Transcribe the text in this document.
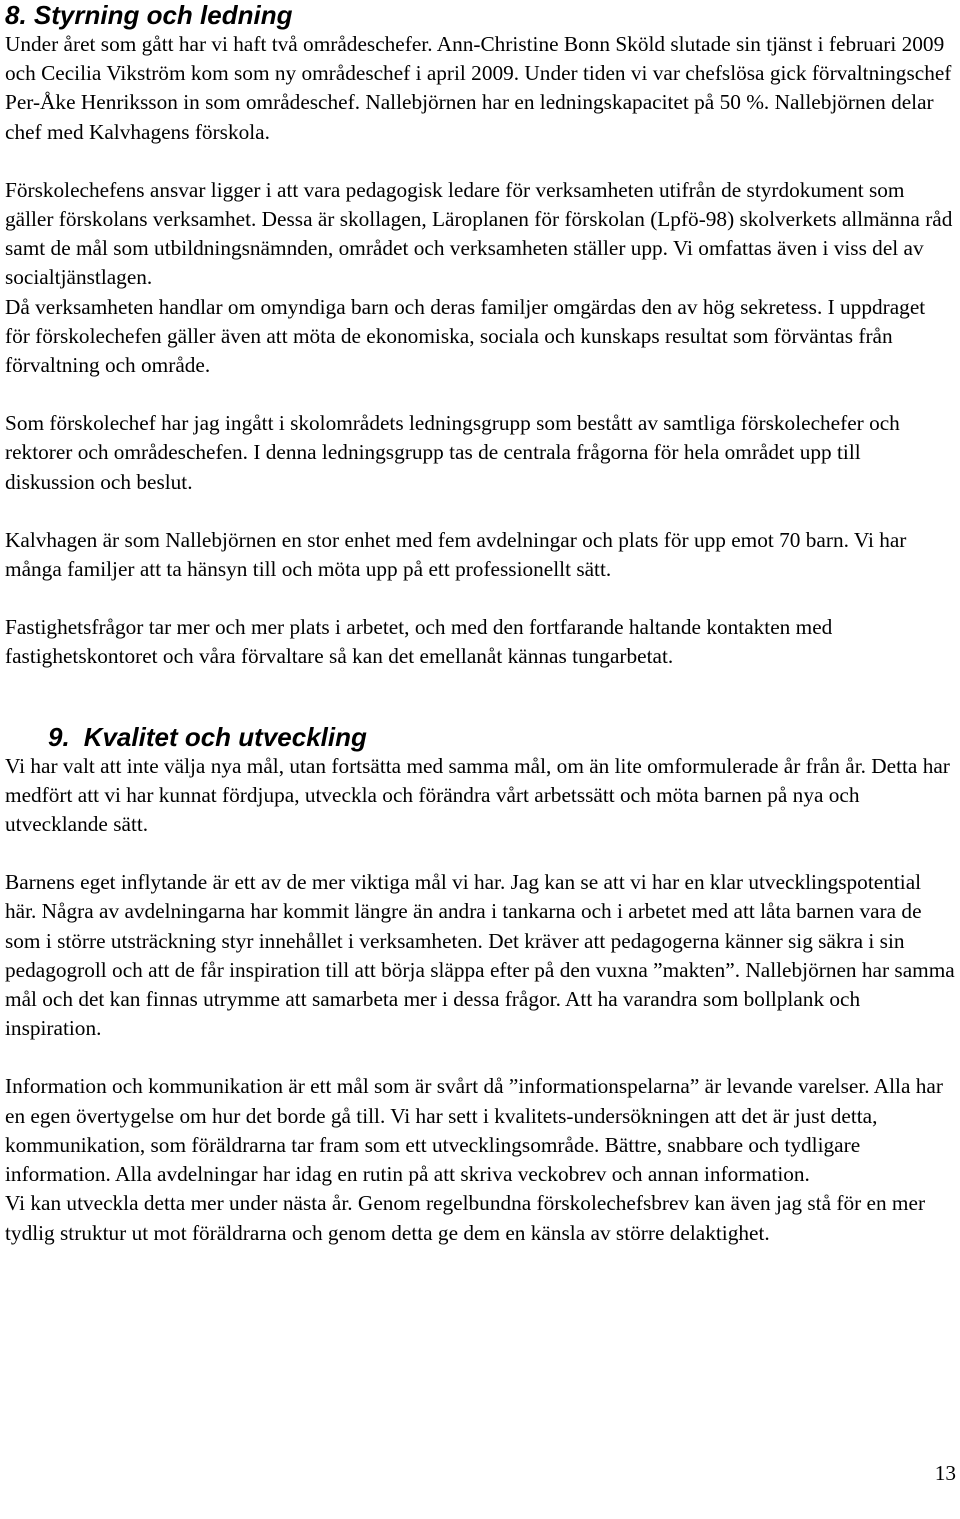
8. Styrning och ledning

Under året som gått har vi haft två områdeschefer. Ann-Christine Bonn Sköld slutade sin tjänst i februari 2009 och Cecilia Vikström kom som ny områdeschef i april 2009. Under tiden vi var chefslösa gick förvaltningschef Per-Åke Henriksson in som områdeschef. Nallebjörnen har en ledningskapacitet på 50 %. Nallebjörnen delar chef med Kalvhagens förskola.

Förskolechefens ansvar ligger i att vara pedagogisk ledare för verksamheten utifrån de styrdokument som gäller förskolans verksamhet. Dessa är skollagen, Läroplanen för förskolan (Lpfö-98) skolverkets allmänna råd samt de mål som utbildningsnämnden, området och verksamheten ställer upp. Vi omfattas även i viss del av socialtjänstlagen.

Då verksamheten handlar om omyndiga barn och deras familjer omgärdas den av hög sekretess. I uppdraget för förskolechefen gäller även att möta de ekonomiska, sociala och kunskaps resultat som förväntas från förvaltning och område.

Som förskolechef har jag ingått i skolområdets ledningsgrupp som bestått av samtliga förskolechefer och rektorer och områdeschefen. I denna ledningsgrupp tas de centrala frågorna för hela området upp till diskussion och beslut.

Kalvhagen är som Nallebjörnen en stor enhet med fem avdelningar och plats för upp emot 70 barn. Vi har många familjer att ta hänsyn till och möta upp på ett professionellt sätt.

Fastighetsfrågor tar mer och mer plats i arbetet, och med den fortfarande haltande kontakten med fastighetskontoret och våra förvaltare så kan det emellanåt kännas tungarbetat.

9. Kvalitet och utveckling

Vi har valt att inte välja nya mål, utan fortsätta med samma mål, om än lite omformulerade år från år. Detta har medfört att vi har kunnat fördjupa, utveckla och förändra vårt arbetssätt och möta barnen på nya och utvecklande sätt.

Barnens eget inflytande är ett av de mer viktiga mål vi har. Jag kan se att vi har en klar utvecklingspotential här. Några av avdelningarna har kommit längre än andra i tankarna och i arbetet med att låta barnen vara de som i större utsträckning styr innehållet i verksamheten. Det kräver att pedagogerna känner sig säkra i sin pedagogroll och att de får inspiration till att börja släppa efter på den vuxna ”makten”. Nallebjörnen har samma mål och det kan finnas utrymme att samarbeta mer i dessa frågor. Att ha varandra som bollplank och inspiration.

Information och kommunikation är ett mål som är svårt då ”informationspelarna” är levande varelser. Alla har en egen övertygelse om hur det borde gå till. Vi har sett i kvalitets-undersökningen att det är just detta, kommunikation, som föräldrarna tar fram som ett utvecklingsområde. Bättre, snabbare och tydligare information. Alla avdelningar har idag en rutin på att skriva veckobrev och annan information.

Vi kan utveckla detta mer under nästa år. Genom regelbundna förskolechefsbrev kan även jag stå för en mer tydlig struktur ut mot föräldrarna och genom detta ge dem en känsla av större delaktighet.

13
